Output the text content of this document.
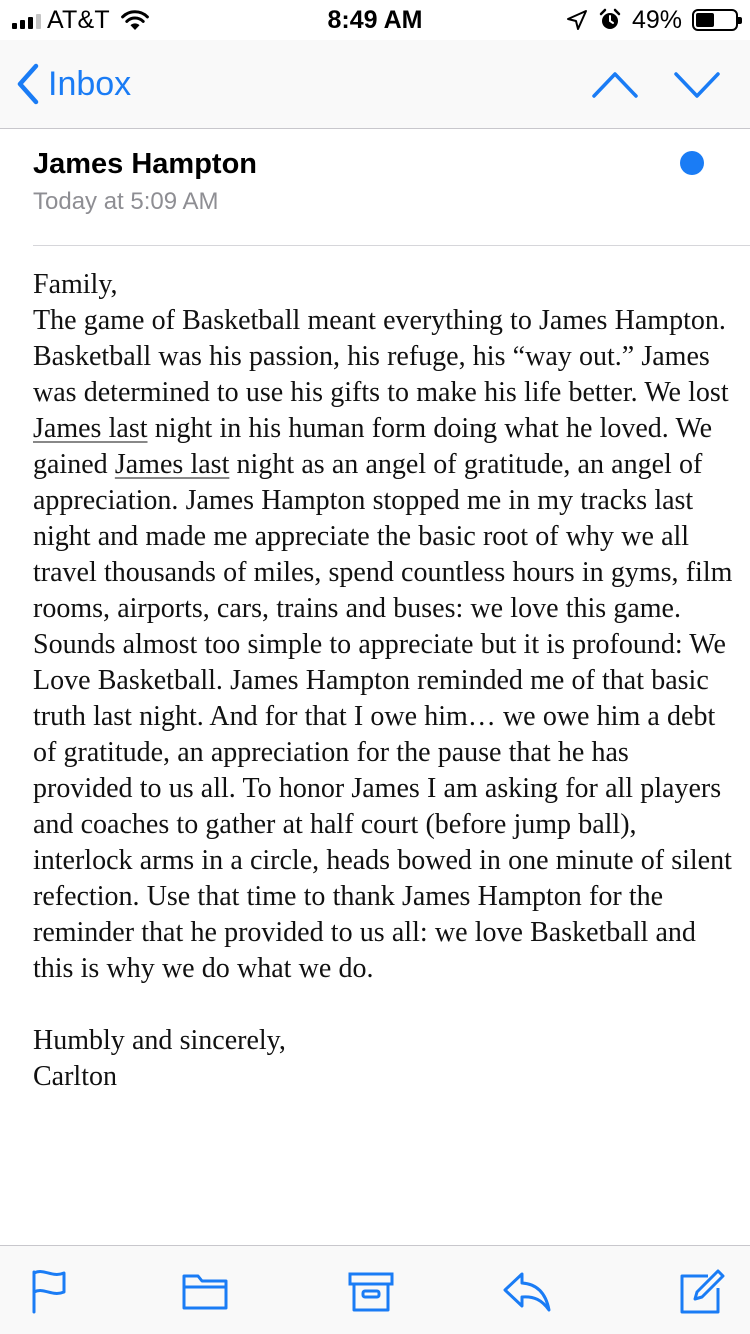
AT&T	8:49 AM	49%
Inbox
James Hampton
Today at 5:09 AM
Family,
The game of Basketball meant everything to James Hampton. Basketball was his passion, his refuge, his “way out.” James was determined to use his gifts to make his life better. We lost James last night in his human form doing what he loved. We gained James last night as an angel of gratitude, an angel of appreciation. James Hampton stopped me in my tracks last night and made me appreciate the basic root of why we all travel thousands of miles, spend countless hours in gyms, film rooms, airports, cars, trains and buses: we love this game. Sounds almost too simple to appreciate but it is profound: We Love Basketball. James Hampton reminded me of that basic truth last night. And for that I owe him… we owe him a debt of gratitude, an appreciation for the pause that he has provided to us all. To honor James I am asking for all players and coaches to gather at half court (before jump ball), interlock arms in a circle, heads bowed in one minute of silent refection. Use that time to thank James Hampton for the reminder that he provided to us all: we love Basketball and this is why we do what we do.

Humbly and sincerely,
Carlton
